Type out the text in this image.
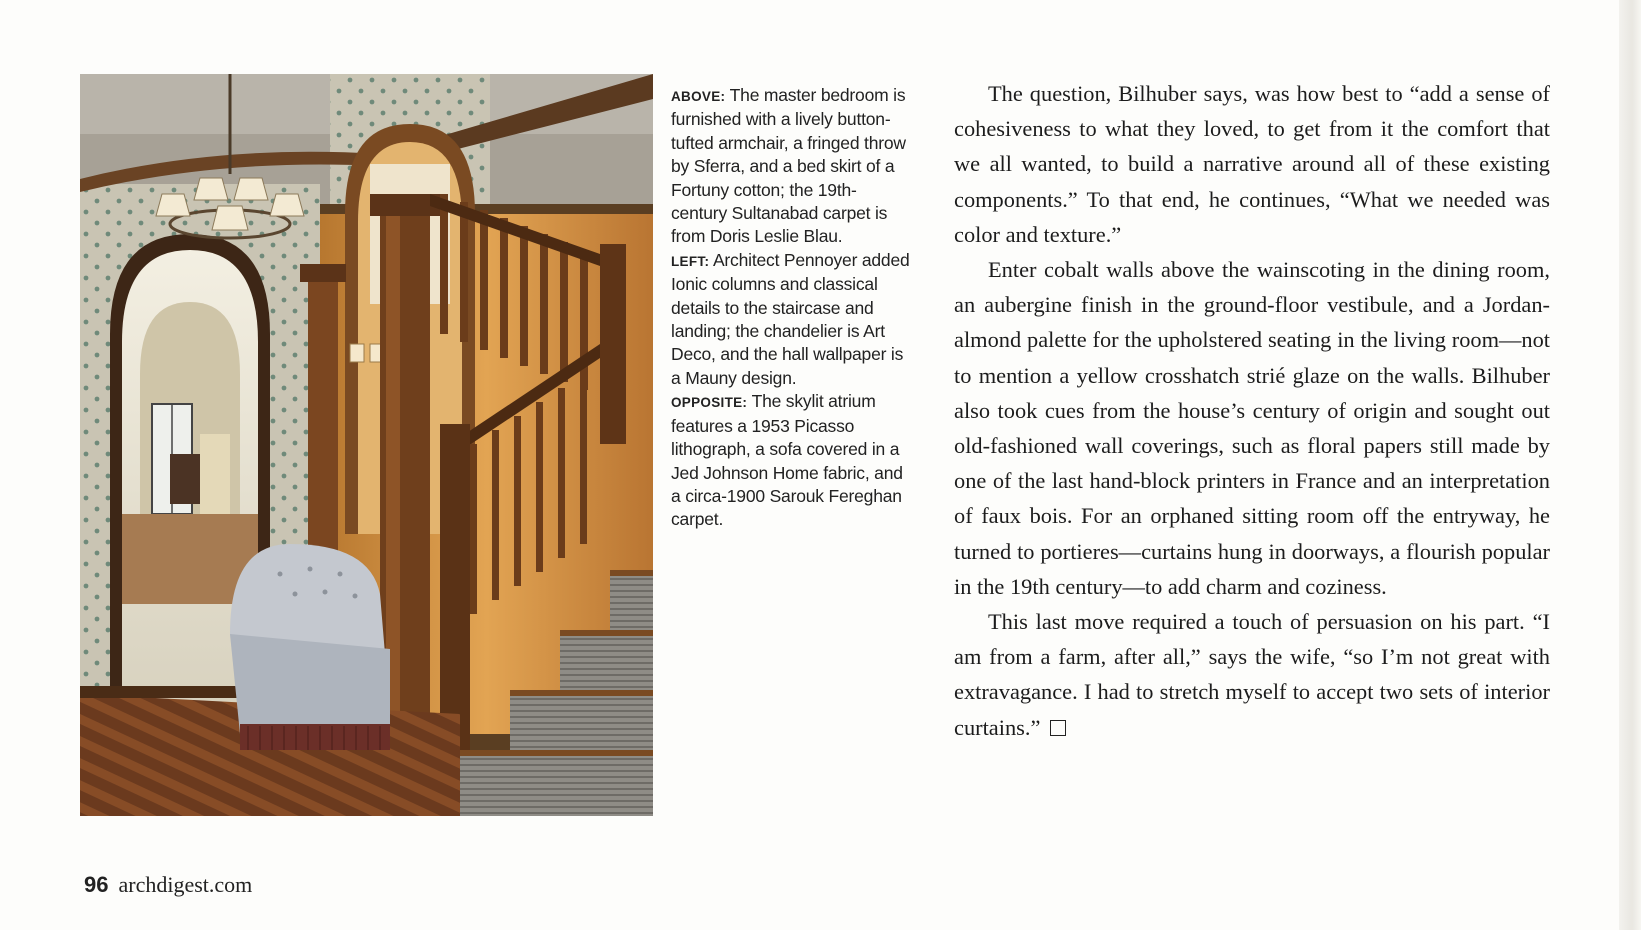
ABOVE: The master bedroom is furnished with a lively button-tufted armchair, a fringed throw by Sferra, and a bed skirt of a Fortuny cotton; the 19th-century Sultanabad carpet is from Doris Leslie Blau.
LEFT: Architect Pennoyer added Ionic columns and classical details to the staircase and landing; the chandelier is Art Deco, and the hall wallpaper is a Mauny design.
OPPOSITE: The skylit atrium features a 1953 Picasso lithograph, a sofa covered in a Jed Johnson Home fabric, and a circa-1900 Sarouk Fereghan carpet.

The question, Bilhuber says, was how best to “add a sense of cohesiveness to what they loved, to get from it the comfort that we all wanted, to build a narrative around all of these existing components.” To that end, he continues, “What we needed was color and texture.”

Enter cobalt walls above the wainscoting in the dining room, an aubergine finish in the ground-floor vestibule, and a Jordan-almond palette for the upholstered seating in the living room—not to mention a yellow crosshatch strié glaze on the walls. Bilhuber also took cues from the house’s century of origin and sought out old-fashioned wall coverings, such as floral papers still made by one of the last hand-block printers in France and an interpretation of faux bois. For an orphaned sitting room off the entryway, he turned to portieres—curtains hung in doorways, a flourish popular in the 19th century—to add charm and coziness.

This last move required a touch of persuasion on his part. “I am from a farm, after all,” says the wife, “so I’m not great with extravagance. I had to stretch myself to accept two sets of interior curtains.”

96 archdigest.com
